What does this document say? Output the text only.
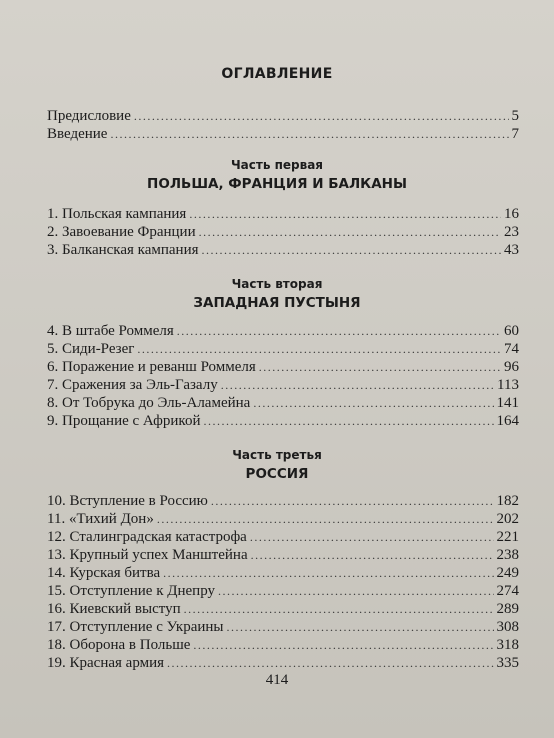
ОГЛАВЛЕНИЕ
Предисловие .....	5
Введение .....	7
Часть первая
ПОЛЬША, ФРАНЦИЯ И БАЛКАНЫ
1. Польская кампания .....	16
2. Завоевание Франции .....	23
3. Балканская кампания .....	43
Часть вторая
ЗАПАДНАЯ ПУСТЫНЯ
4. В штабе Роммеля .....	60
5. Сиди-Резег .....	74
6. Поражение и реванш Роммеля .....	96
7. Сражения за Эль-Газалу .....	113
8. От Тобрука до Эль-Аламейна .....	141
9. Прощание с Африкой .....	164
Часть третья
РОССИЯ
10. Вступление в Россию .....	182
11. «Тихий Дон» .....	202
12. Сталинградская катастрофа .....	221
13. Крупный успех Манштейна .....	238
14. Курская битва .....	249
15. Отступление к Днепру .....	274
16. Киевский выступ .....	289
17. Отступление с Украины .....	308
18. Оборона в Польше .....	318
19. Красная армия .....	335
414
